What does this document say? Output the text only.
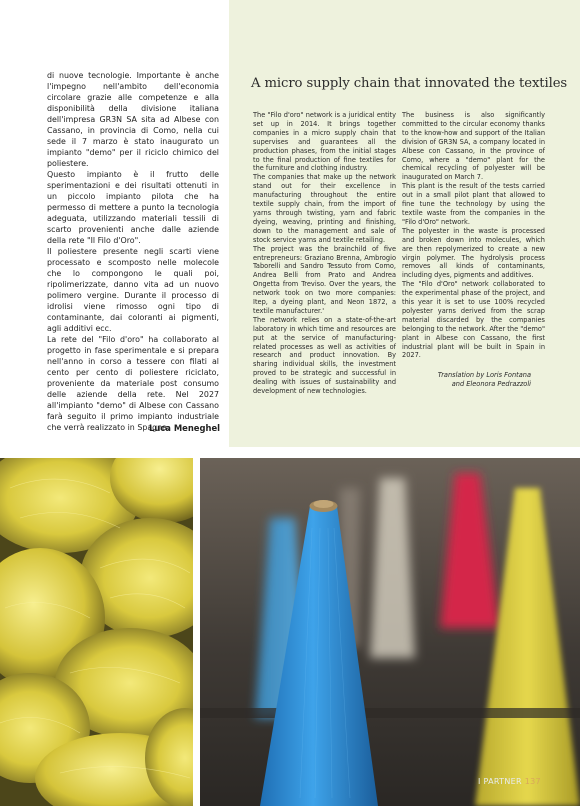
di nuove tecnologie. Importante è anche l'impegno nell'ambito dell'economia circolare grazie alle competenze e alla disponibilità della divisione italiana dell'impresa GR3N SA sita ad Albese con Cassano, in provincia di Como, nella cui sede il 7 marzo è stato inaugurato un impianto "demo" per il riciclo chimico del poliestere.

Questo impianto è il frutto delle sperimentazioni e dei risultati ottenuti in un piccolo impianto pilota che ha permesso di mettere a punto la tecnologia adeguata, utilizzando materiali tessili di scarto provenienti anche dalle aziende della rete "Il Filo d'Oro".

Il poliestere presente negli scarti viene processato e scomposto nelle molecole che lo compongono le quali poi, ripolimerizzate, danno vita ad un nuovo polimero vergine. Durante il processo di idrolisi viene rimosso ogni tipo di contaminante, dai coloranti ai pigmenti, agli additivi ecc.

La rete del "Filo d'oro" ha collaborato al progetto in fase sperimentale e si prepara nell'anno in corso a tessere con filati al cento per cento di poliestere riciclato, proveniente da materiale post consumo delle aziende della rete. Nel 2027 all'impianto "demo" di Albese con Cassano farà seguito il primo impianto industriale che verrà realizzato in Spagna.

Luca Meneghel
A micro supply chain that innovated the textiles

The "Filo d'oro" network is a juridical entity set up in 2014. It brings together companies in a micro supply chain that supervises and guarantees all the production phases, from the initial stages to the final production of fine textiles for the furniture and clothing industry.

The companies that make up the network stand out for their excellence in manufacturing throughout the entire textile supply chain, from the import of yarns through twisting, yarn and fabric dyeing, weaving, printing and finishing, down to the management and sale of stock service yarns and textile retailing.

The project was the brainchild of five entrepreneurs: Graziano Brenna, Ambrogio Taborelli and Sandro Tessuto from Como, Andrea Belli from Prato and Andrea Ongetta from Treviso. Over the years, the network took on two more companies: Itep, a dyeing plant, and Neon 1872, a textile manufacturer.'

The network relies on a state-of-the-art laboratory in which time and resources are put at the service of manufacturing-related processes as well as activities of research and product innovation. By sharing individual skills, the investment proved to be strategic and successful in dealing with issues of sustainability and development of new technologies.

The business is also significantly committed to the circular economy thanks to the know-how and support of the Italian division of GR3N SA, a company located in Albese con Cassano, in the province of Como, where a "demo" plant for the chemical recycling of polyester will be inaugurated on March 7.

This plant is the result of the tests carried out in a small pilot plant that allowed to fine tune the technology by using the textile waste from the companies in the "Filo d'Oro" network.

The polyester in the waste is processed and broken down into molecules, which are then repolymerized to create a new virgin polymer. The hydrolysis process removes all kinds of contaminants, including dyes, pigments and additives.

The "Filo d'Oro" network collaborated to the experimental phase of the project, and this year it is set to use 100% recycled polyester yarns derived from the scrap material discarded by the companies belonging to the network. After the "demo" plant in Albese con Cassano, the first industrial plant will be built in Spain in 2027.

Translation by Loris Fontana
and Eleonora Pedrazzoli

I PARTNER 137
